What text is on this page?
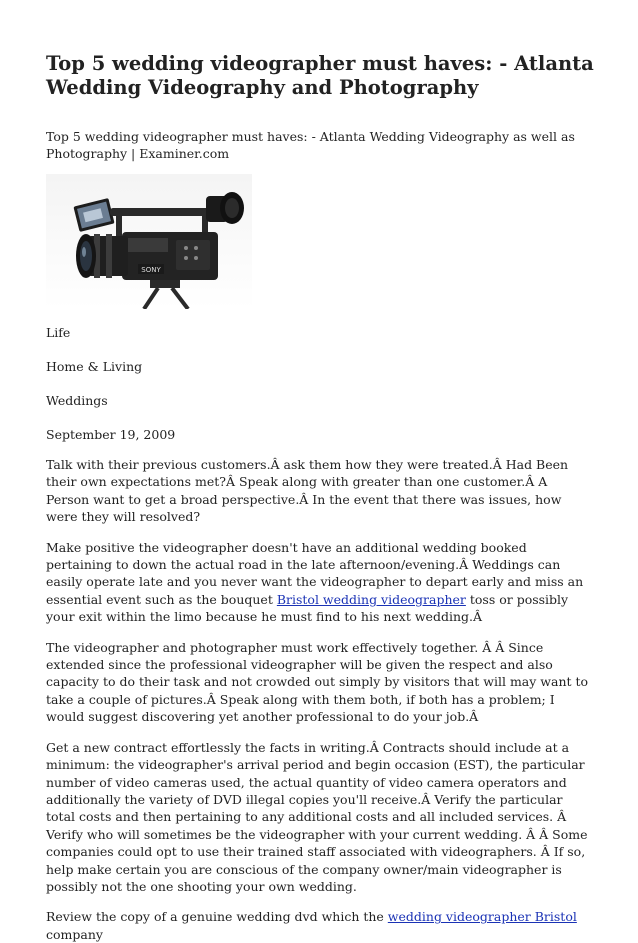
Top 5 wedding videographer must haves: - Atlanta Wedding Videography and Photography
Top 5 wedding videographer must haves: - Atlanta Wedding Videography as well as Photography | Examiner.com
SONY

Life

Home & Living

Weddings

September 19, 2009

Talk with their previous customers.Â ask them how they were treated.Â Had Been their own expectations met?Â Speak along with greater than one customer.Â A Person want to get a broad perspective.Â In the event that there was issues, how were they will resolved?

Make positive the videographer doesn't have an additional wedding booked pertaining to down the actual road in the late afternoon/evening.Â Weddings can easily operate late and you never want the videographer to depart early and miss an essential event such as the bouquet Bristol wedding videographer toss or possibly your exit within the limo because he must find to his next wedding.Â

The videographer and photographer must work effectively together. Â Â Since extended since the professional videographer will be given the respect and also capacity to do their task and not crowded out simply by visitors that will may want to take a couple of pictures.Â Speak along with them both, if both has a problem; I would suggest discovering yet another professional to do your job.Â

Get a new contract effortlessly the facts in writing.Â Contracts should include at a minimum: the videographer's arrival period and begin occasion (EST), the particular number of video cameras used, the actual quantity of video camera operators and additionally the variety of DVD illegal copies you'll receive.Â Verify the particular total costs and then pertaining to any additional costs and all included services. Â Verify who will sometimes be the videographer with your current wedding. Â Â Some companies could opt to use their trained staff associated with videographers. Â If so, help make certain you are conscious of the company owner/main videographer is possibly not the one shooting your own wedding.

Review the copy of a genuine wedding dvd which the wedding videographer Bristol company
